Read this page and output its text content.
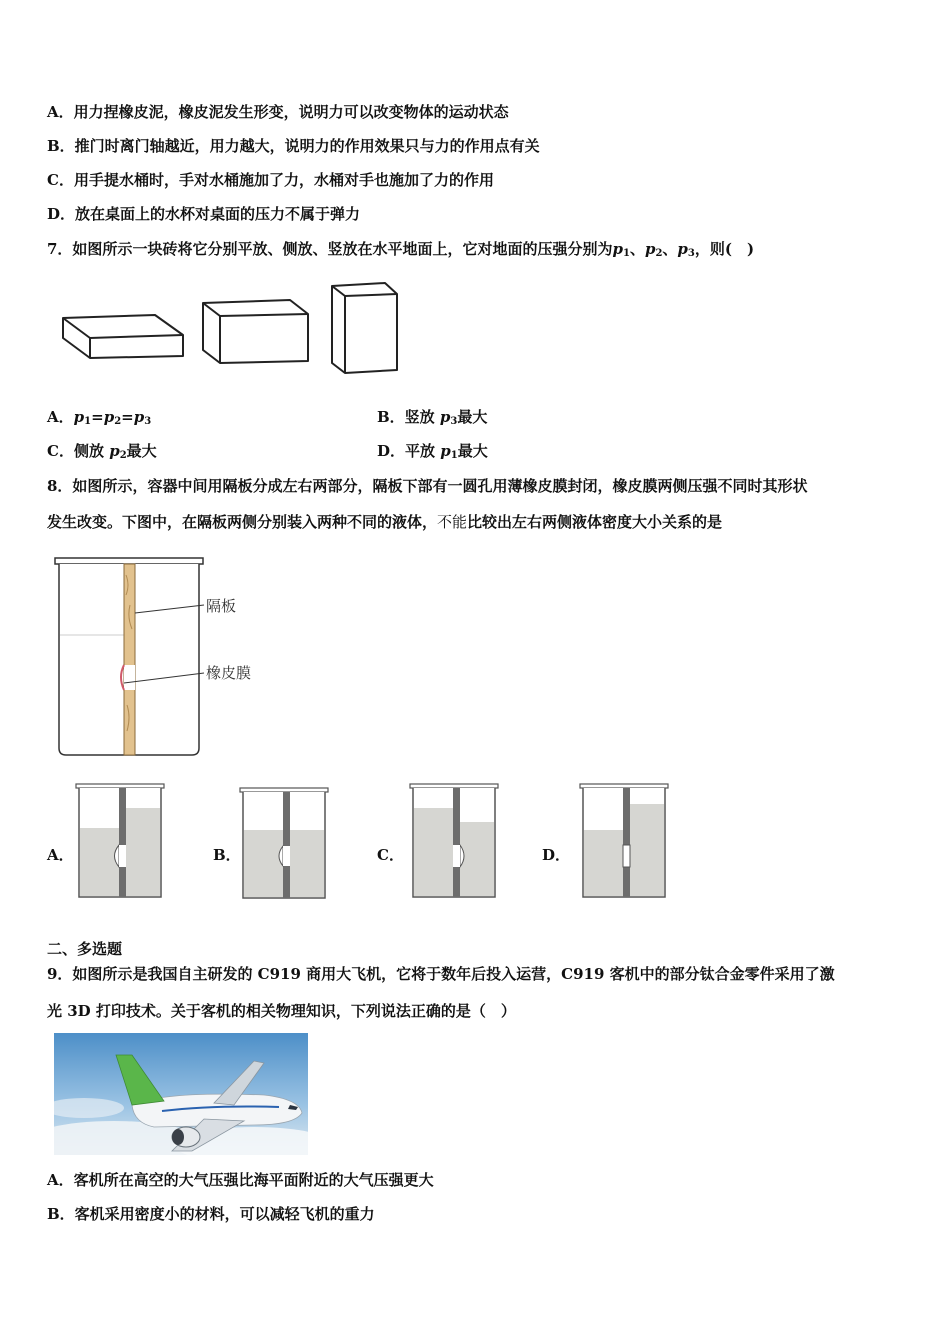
A．用力捏橡皮泥，橡皮泥发生形变，说明力可以改变物体的运动状态
B．推门时离门轴越近，用力越大，说明力的作用效果只与力的作用点有关
C．用手提水桶时，手对水桶施加了力，水桶对手也施加了力的作用
D．放在桌面上的水杯对桌面的压力不属于弹力
7．如图所示一块砖将它分别平放、侧放、竖放在水平地面上，它对地面的压强分别为$p_1$、$p_2$、$p_3$，则(　)
A．$p_1=p_2=p_3$	B．竖放 $p_3$最大
C．侧放 $p_2$最大	D．平放 $p_1$最大
8．如图所示，容器中间用隔板分成左右两部分，隔板下部有一圆孔用薄橡皮膜封闭，橡皮膜两侧压强不同时其形状
发生改变。下图中，在隔板两侧分别装入两种不同的液体，不能比较出左右两侧液体密度大小关系的是
隔板
橡皮膜
A．	B．	C．	D．
二、多选题
9．如图所示是我国自主研发的 C919 商用大飞机，它将于数年后投入运营，C919 客机中的部分钛合金零件采用了激
光 3D 打印技术。关于客机的相关物理知识，下列说法正确的是（　）
A．客机所在高空的大气压强比海平面附近的大气压强更大
B．客机采用密度小的材料，可以减轻飞机的重力
